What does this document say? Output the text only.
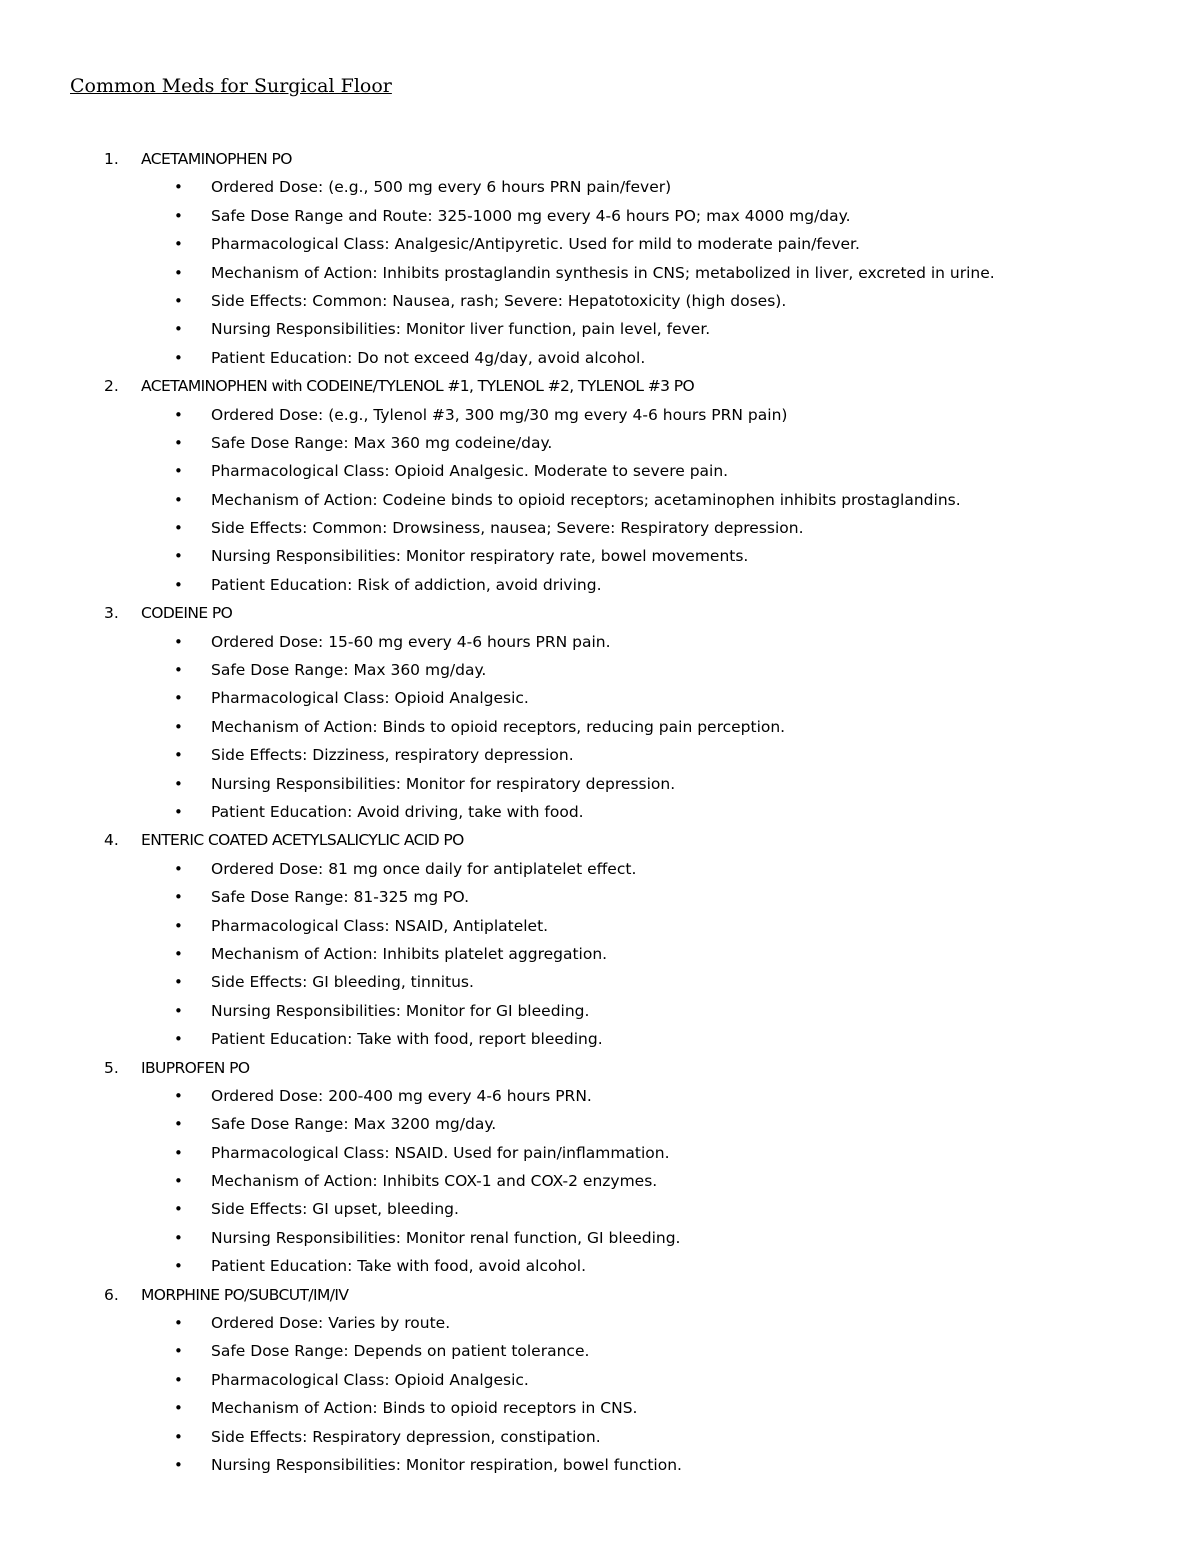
Common Meds for Surgical Floor
1. ACETAMINOPHEN PO
• Ordered Dose: (e.g., 500 mg every 6 hours PRN pain/fever)
• Safe Dose Range and Route: 325-1000 mg every 4-6 hours PO; max 4000 mg/day.
• Pharmacological Class: Analgesic/Antipyretic. Used for mild to moderate pain/fever.
• Mechanism of Action: Inhibits prostaglandin synthesis in CNS; metabolized in liver, excreted in urine.
• Side Effects: Common: Nausea, rash; Severe: Hepatotoxicity (high doses).
• Nursing Responsibilities: Monitor liver function, pain level, fever.
• Patient Education: Do not exceed 4g/day, avoid alcohol.
2. ACETAMINOPHEN with CODEINE/TYLENOL #1, TYLENOL #2, TYLENOL #3 PO
• Ordered Dose: (e.g., Tylenol #3, 300 mg/30 mg every 4-6 hours PRN pain)
• Safe Dose Range: Max 360 mg codeine/day.
• Pharmacological Class: Opioid Analgesic. Moderate to severe pain.
• Mechanism of Action: Codeine binds to opioid receptors; acetaminophen inhibits prostaglandins.
• Side Effects: Common: Drowsiness, nausea; Severe: Respiratory depression.
• Nursing Responsibilities: Monitor respiratory rate, bowel movements.
• Patient Education: Risk of addiction, avoid driving.
3. CODEINE PO
• Ordered Dose: 15-60 mg every 4-6 hours PRN pain.
• Safe Dose Range: Max 360 mg/day.
• Pharmacological Class: Opioid Analgesic.
• Mechanism of Action: Binds to opioid receptors, reducing pain perception.
• Side Effects: Dizziness, respiratory depression.
• Nursing Responsibilities: Monitor for respiratory depression.
• Patient Education: Avoid driving, take with food.
4. ENTERIC COATED ACETYLSALICYLIC ACID PO
• Ordered Dose: 81 mg once daily for antiplatelet effect.
• Safe Dose Range: 81-325 mg PO.
• Pharmacological Class: NSAID, Antiplatelet.
• Mechanism of Action: Inhibits platelet aggregation.
• Side Effects: GI bleeding, tinnitus.
• Nursing Responsibilities: Monitor for GI bleeding.
• Patient Education: Take with food, report bleeding.
5. IBUPROFEN PO
• Ordered Dose: 200-400 mg every 4-6 hours PRN.
• Safe Dose Range: Max 3200 mg/day.
• Pharmacological Class: NSAID. Used for pain/inflammation.
• Mechanism of Action: Inhibits COX-1 and COX-2 enzymes.
• Side Effects: GI upset, bleeding.
• Nursing Responsibilities: Monitor renal function, GI bleeding.
• Patient Education: Take with food, avoid alcohol.
6. MORPHINE PO/SUBCUT/IM/IV
• Ordered Dose: Varies by route.
• Safe Dose Range: Depends on patient tolerance.
• Pharmacological Class: Opioid Analgesic.
• Mechanism of Action: Binds to opioid receptors in CNS.
• Side Effects: Respiratory depression, constipation.
• Nursing Responsibilities: Monitor respiration, bowel function.
